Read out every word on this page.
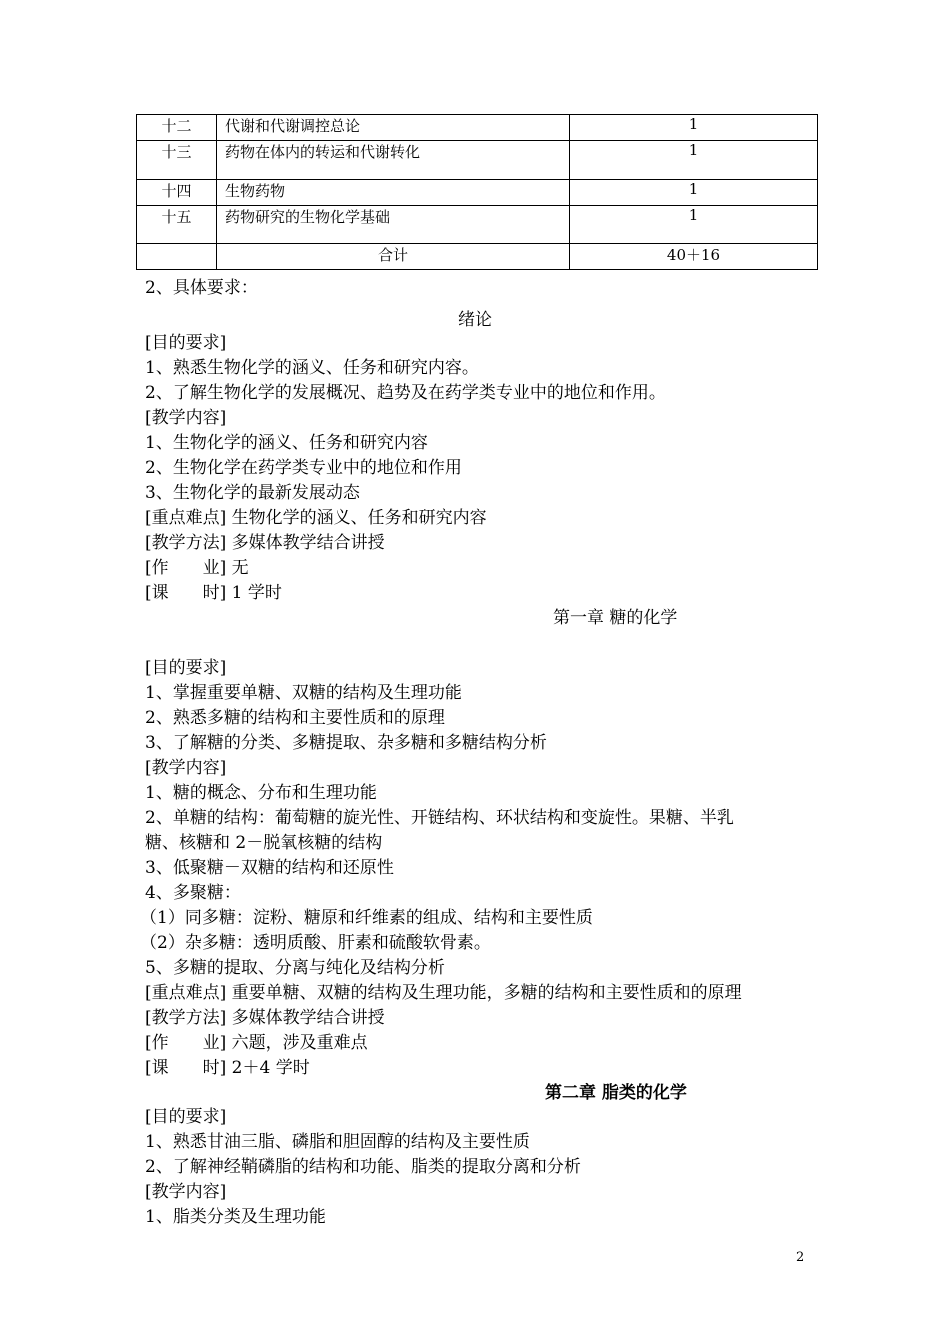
十二	代谢和代谢调控总论	1
十三	药物在体内的转运和代谢转化	1
十四	生物药物	1
十五	药物研究的生物化学基础	1
	合计	40＋16
2、具体要求：
绪论
[目的要求]
1、熟悉生物化学的涵义、任务和研究内容。
2、了解生物化学的发展概况、趋势及在药学类专业中的地位和作用。
[教学内容]
1、生物化学的涵义、任务和研究内容
2、生物化学在药学类专业中的地位和作用
3、生物化学的最新发展动态
[重点难点] 生物化学的涵义、任务和研究内容
[教学方法] 多媒体教学结合讲授
[作　　业] 无
[课　　时] 1 学时
第一章 糖的化学
[目的要求]
1、掌握重要单糖、双糖的结构及生理功能
2、熟悉多糖的结构和主要性质和的原理
3、了解糖的分类、多糖提取、杂多糖和多糖结构分析
[教学内容]
1、糖的概念、分布和生理功能
2、单糖的结构：葡萄糖的旋光性、开链结构、环状结构和变旋性。果糖、半乳
糖、核糖和 2－脱氧核糖的结构
3、低聚糖－双糖的结构和还原性
4、多聚糖：
（1）同多糖：淀粉、糖原和纤维素的组成、结构和主要性质
（2）杂多糖：透明质酸、肝素和硫酸软骨素。
5、多糖的提取、分离与纯化及结构分析
[重点难点] 重要单糖、双糖的结构及生理功能，多糖的结构和主要性质和的原理
[教学方法] 多媒体教学结合讲授
[作　　业] 六题，涉及重难点
[课　　时] 2＋4 学时
第二章 脂类的化学
[目的要求]
1、熟悉甘油三脂、磷脂和胆固醇的结构及主要性质
2、了解神经鞘磷脂的结构和功能、脂类的提取分离和分析
[教学内容]
1、脂类分类及生理功能
2
